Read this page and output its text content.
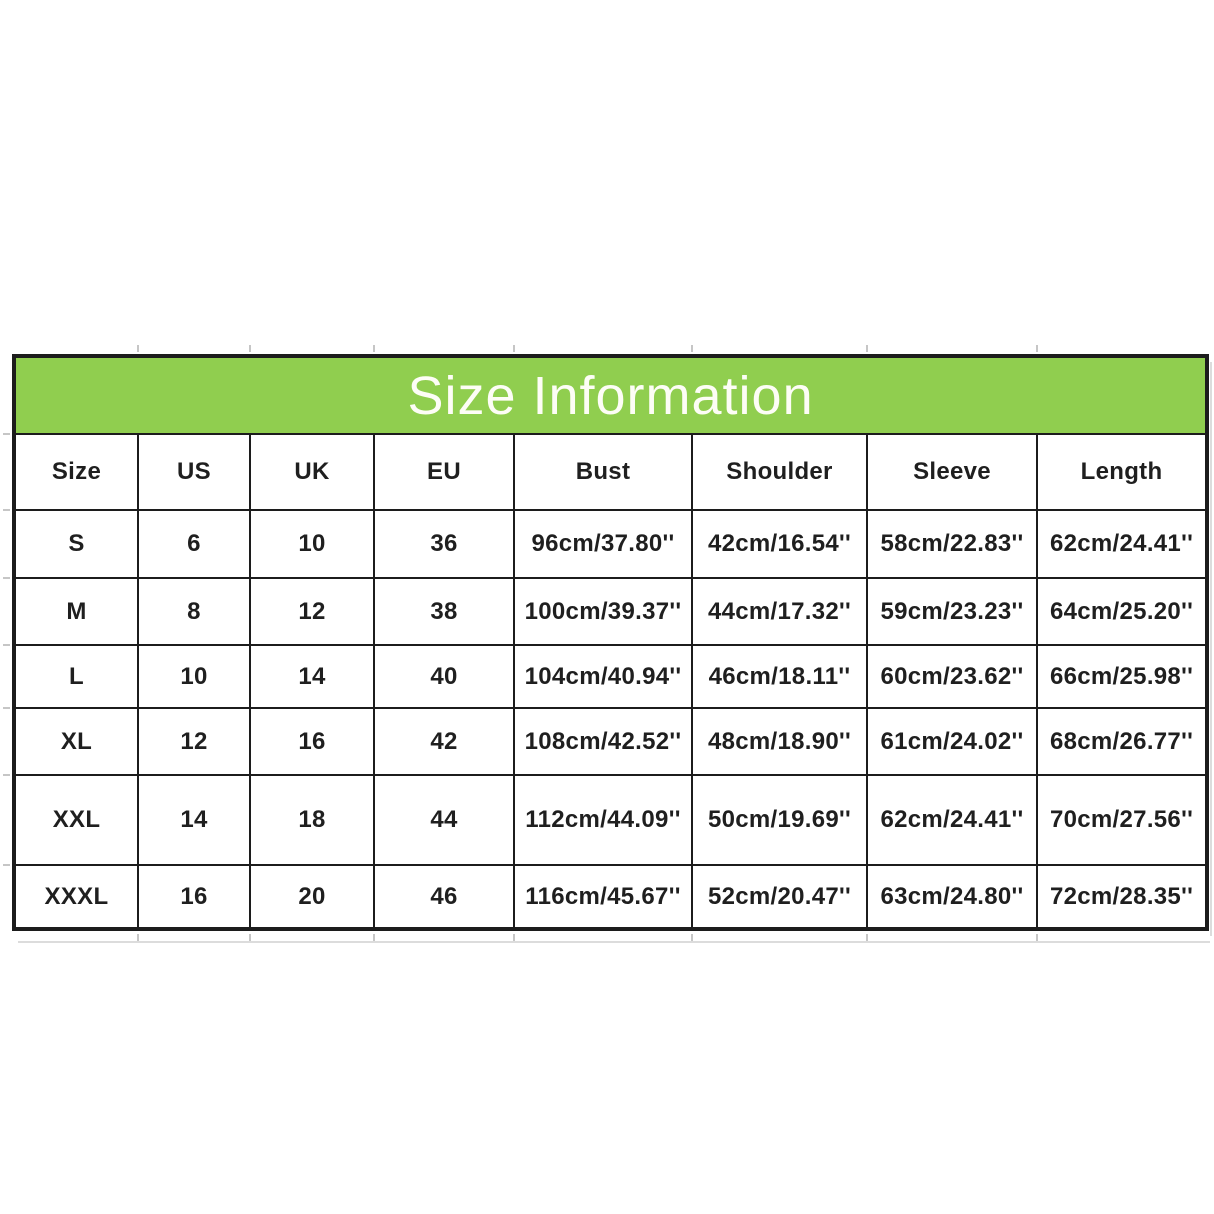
Size Information							
Size	US	UK	EU	Bust	Shoulder	Sleeve	Length
S	6	10	36	96cm/37.80''	42cm/16.54''	58cm/22.83''	62cm/24.41''
M	8	12	38	100cm/39.37''	44cm/17.32''	59cm/23.23''	64cm/25.20''
L	10	14	40	104cm/40.94''	46cm/18.11''	60cm/23.62''	66cm/25.98''
XL	12	16	42	108cm/42.52''	48cm/18.90''	61cm/24.02''	68cm/26.77''
XXL	14	18	44	112cm/44.09''	50cm/19.69''	62cm/24.41''	70cm/27.56''
XXXL	16	20	46	116cm/45.67''	52cm/20.47''	63cm/24.80''	72cm/28.35''
